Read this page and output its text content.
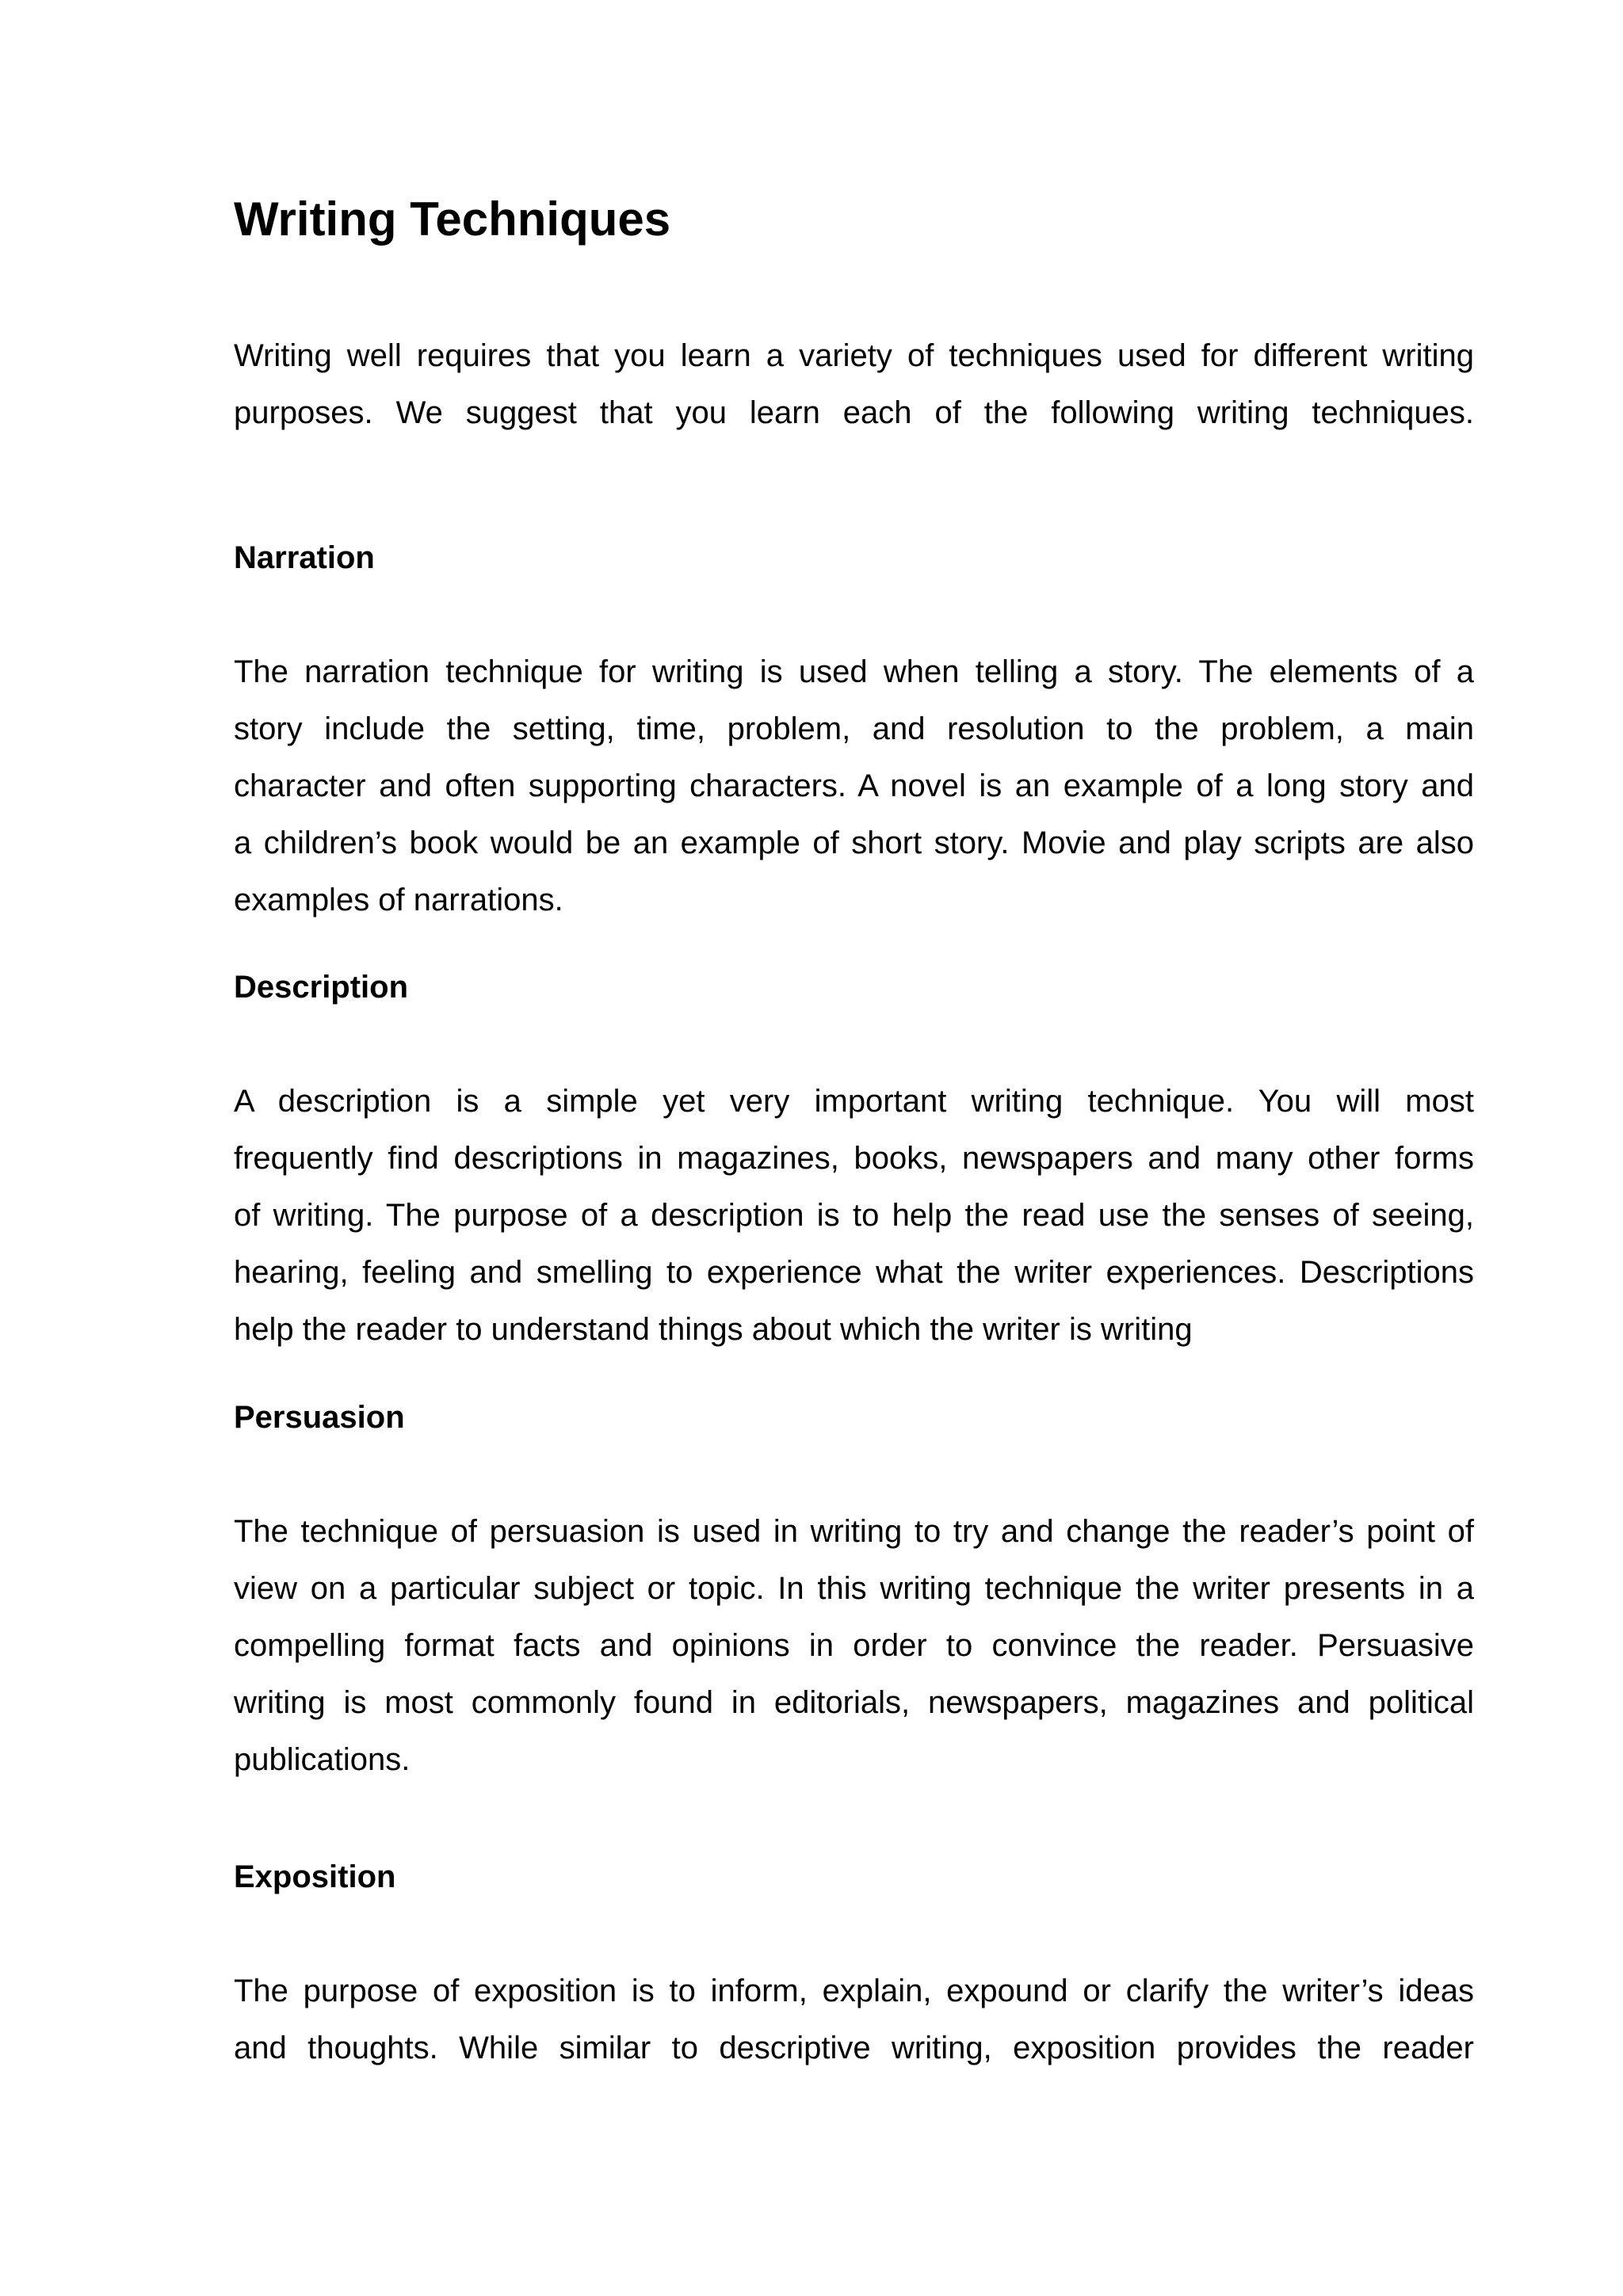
Writing Techniques
Writing well requires that you learn a variety of techniques used for different writing
purposes. We suggest that you learn each of the following writing techniques.
Narration
The narration technique for writing is used when telling a story. The elements of a
story include the setting, time, problem, and resolution to the problem, a main
character and often supporting characters. A novel is an example of a long story and
a children’s book would be an example of short story. Movie and play scripts are also
examples of narrations.
Description
A description is a simple yet very important writing technique. You will most
frequently find descriptions in magazines, books, newspapers and many other forms
of writing. The purpose of a description is to help the read use the senses of seeing,
hearing, feeling and smelling to experience what the writer experiences. Descriptions
help the reader to understand things about which the writer is writing
Persuasion
The technique of persuasion is used in writing to try and change the reader’s point of
view on a particular subject or topic. In this writing technique the writer presents in a
compelling format facts and opinions in order to convince the reader. Persuasive
writing is most commonly found in editorials, newspapers, magazines and political
publications.
Exposition
The purpose of exposition is to inform, explain, expound or clarify the writer’s ideas
and thoughts. While similar to descriptive writing, exposition provides the reader
